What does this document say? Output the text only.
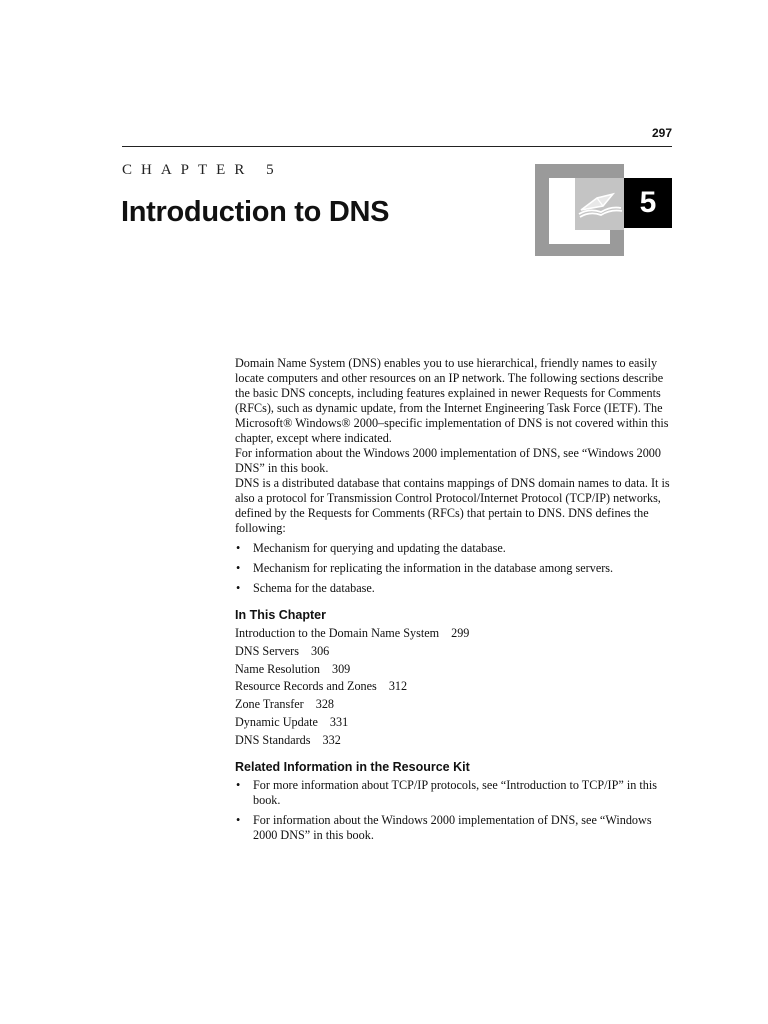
297
CHAPTER 5
Introduction to DNS	5

Domain Name System (DNS) enables you to use hierarchical, friendly names to easily locate computers and other resources on an IP network. The following sections describe the basic DNS concepts, including features explained in newer Requests for Comments (RFCs), such as dynamic update, from the Internet Engineering Task Force (IETF). The Microsoft® Windows® 2000–specific implementation of DNS is not covered within this chapter, except where indicated.

For information about the Windows 2000 implementation of DNS, see “Windows 2000 DNS” in this book.

DNS is a distributed database that contains mappings of DNS domain names to data. It is also a protocol for Transmission Control Protocol/Internet Protocol (TCP/IP) networks, defined by the Requests for Comments (RFCs) that pertain to DNS. DNS defines the following:

• Mechanism for querying and updating the database.
• Mechanism for replicating the information in the database among servers.
• Schema for the database.
In This Chapter
Introduction to the Domain Name System 299
DNS Servers 306
Name Resolution 309
Resource Records and Zones 312
Zone Transfer 328
Dynamic Update 331
DNS Standards 332
Related Information in the Resource Kit
• For more information about TCP/IP protocols, see “Introduction to TCP/IP” in this book.
• For information about the Windows 2000 implementation of DNS, see “Windows 2000 DNS” in this book.
